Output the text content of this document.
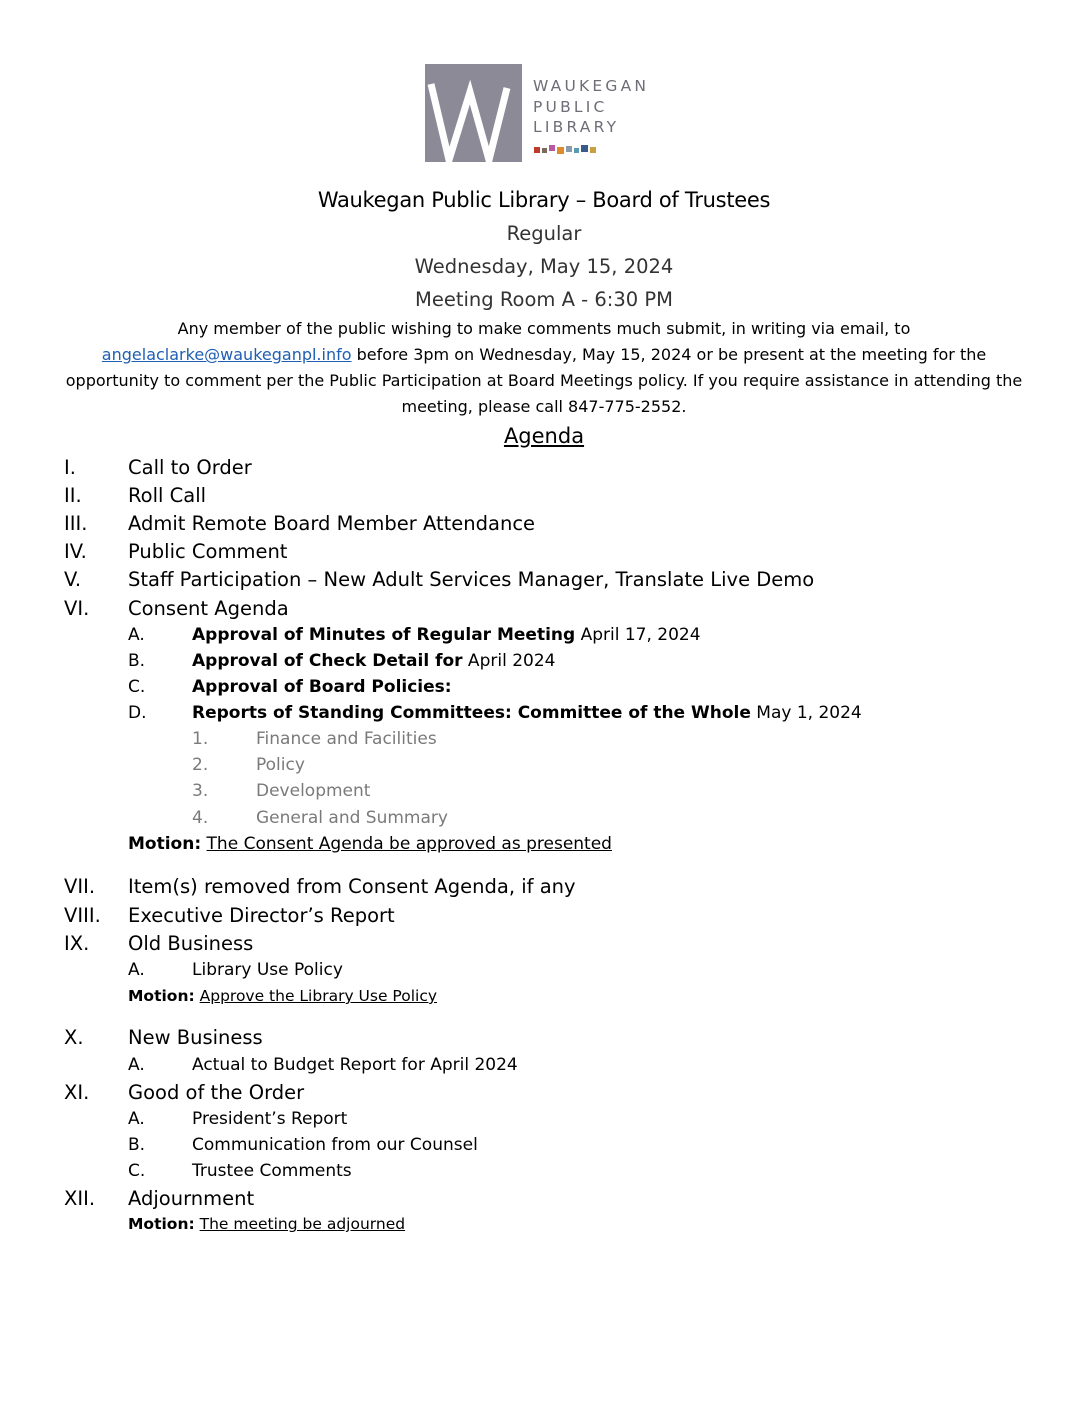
WAUKEGAN
PUBLIC
LIBRARY
Waukegan Public Library – Board of Trustees
Regular
Wednesday, May 15, 2024
Meeting Room A - 6:30 PM
Any member of the public wishing to make comments much submit, in writing via email, to
angelaclarke@waukeganpl.info before 3pm on Wednesday, May 15, 2024 or be present at the meeting for the
opportunity to comment per the Public Participation at Board Meetings policy. If you require assistance in attending the
meeting, please call 847-775-2552.
Agenda
I.	Call to Order
II. Roll Call
III. Admit Remote Board Member Attendance
IV. Public Comment
V. Staff Participation – New Adult Services Manager, Translate Live Demo
VI. Consent Agenda
A.	Approval of Minutes of Regular Meeting April 17, 2024
B.	Approval of Check Detail for April 2024
C.	Approval of Board Policies:
D.	Reports of Standing Committees: Committee of the Whole May 1, 2024
1.	Finance and Facilities
2.	Policy
3.	Development
4.	General and Summary
Motion: The Consent Agenda be approved as presented
VII. Item(s) removed from Consent Agenda, if any
VIII. Executive Director’s Report
IX. Old Business
A.	Library Use Policy
Motion: Approve the Library Use Policy
X. New Business
A.	Actual to Budget Report for April 2024
XI. Good of the Order
A.	President’s Report
B.	Communication from our Counsel
C.	Trustee Comments
XII. Adjournment
Motion: The meeting be adjourned
